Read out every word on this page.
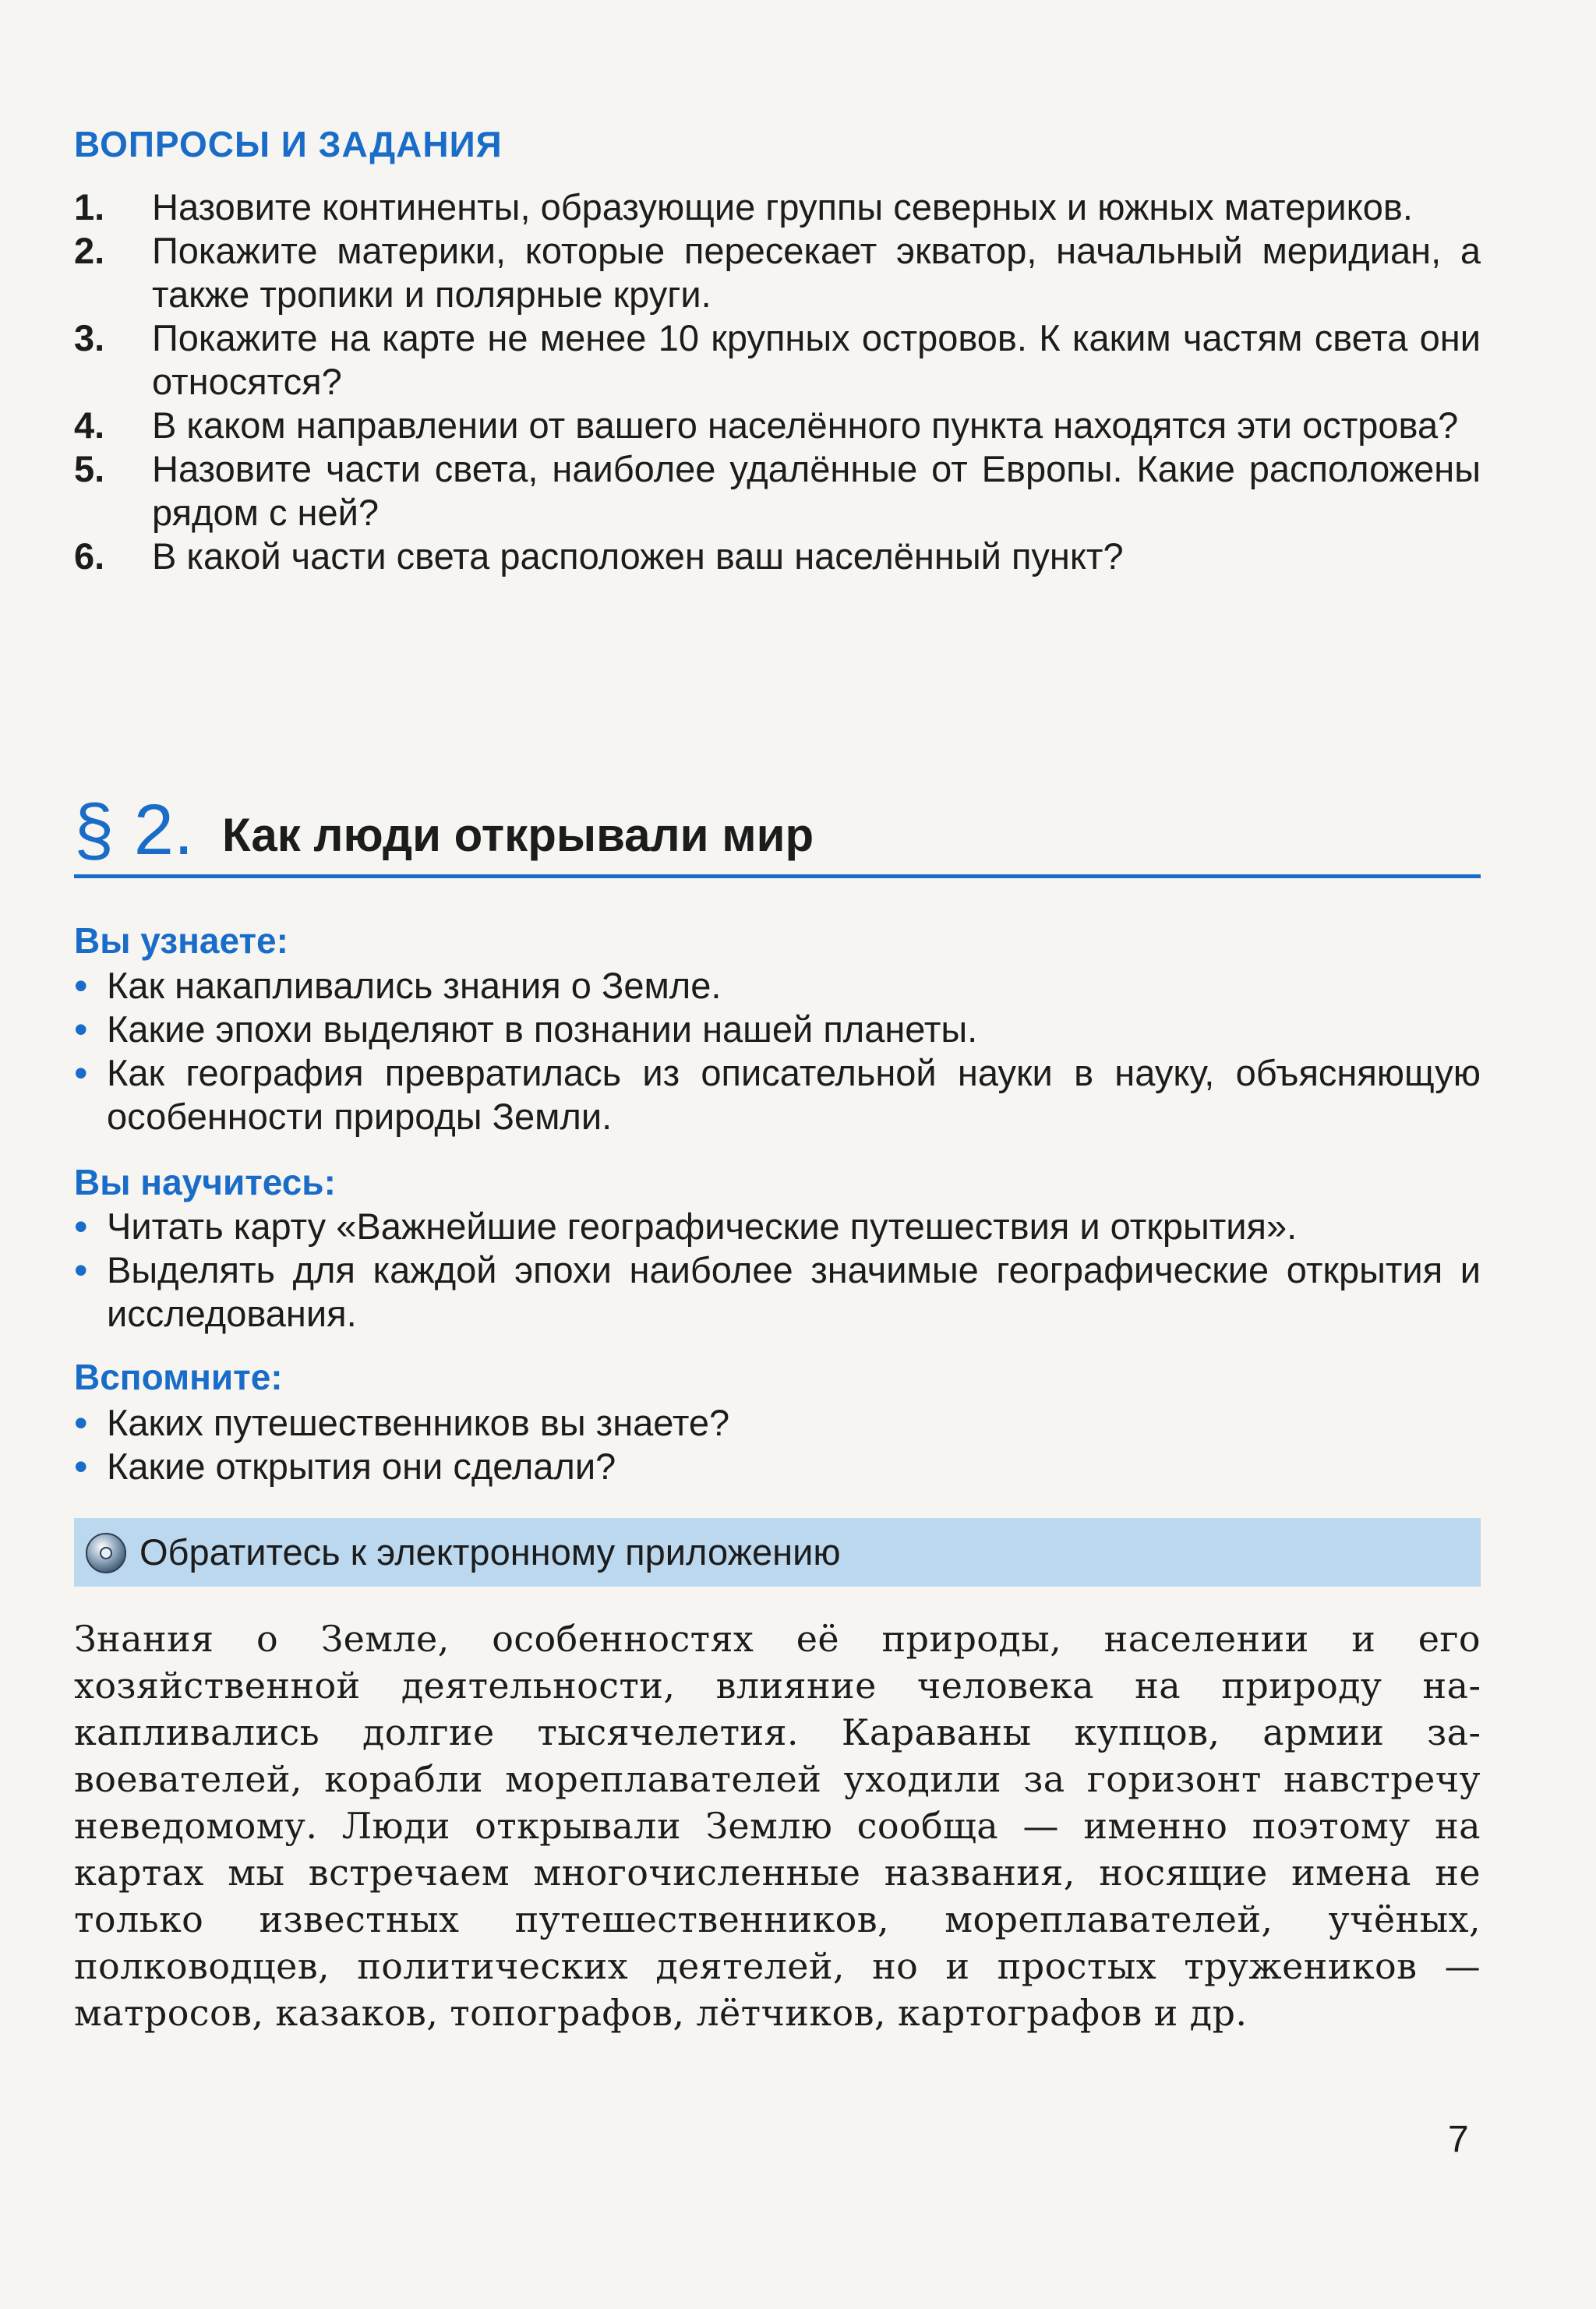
ВОПРОСЫ И ЗАДАНИЯ
1. Назовите континенты, образующие группы северных и южных материков.
2. Покажите материки, которые пересекает экватор, начальный меридиан, а также тропики и полярные круги.
3. Покажите на карте не менее 10 крупных островов. К каким частям света они относятся?
4. В каком направлении от вашего населённого пункта находятся эти острова?
5. Назовите части света, наиболее удалённые от Европы. Какие расположены рядом с ней?
6. В какой части света расположен ваш населённый пункт?
§ 2. Как люди открывали мир
Вы узнаете:
• Как накапливались знания о Земле.
• Какие эпохи выделяют в познании нашей планеты.
• Как география превратилась из описательной науки в науку, объясняющую особенности природы Земли.
Вы научитесь:
• Читать карту «Важнейшие географические путешествия и открытия».
• Выделять для каждой эпохи наиболее значимые географические открытия и исследования.
Вспомните:
• Каких путешественников вы знаете?
• Какие открытия они сделали?
Обратитесь к электронному приложению
Знания о Земле, особенностях её природы, населении и его хозяйственной деятельности, влияние человека на природу накапливались долгие тысячелетия. Караваны купцов, армии завоевателей, корабли мореплавателей уходили за горизонт навстречу неведомому. Люди открывали Землю сообща — именно поэтому на картах мы встречаем многочисленные названия, носящие имена не только известных путешественников, мореплавателей, учёных, полководцев, политических деятелей, но и простых тружеников — матросов, казаков, топографов, лётчиков, картографов и др.
7
